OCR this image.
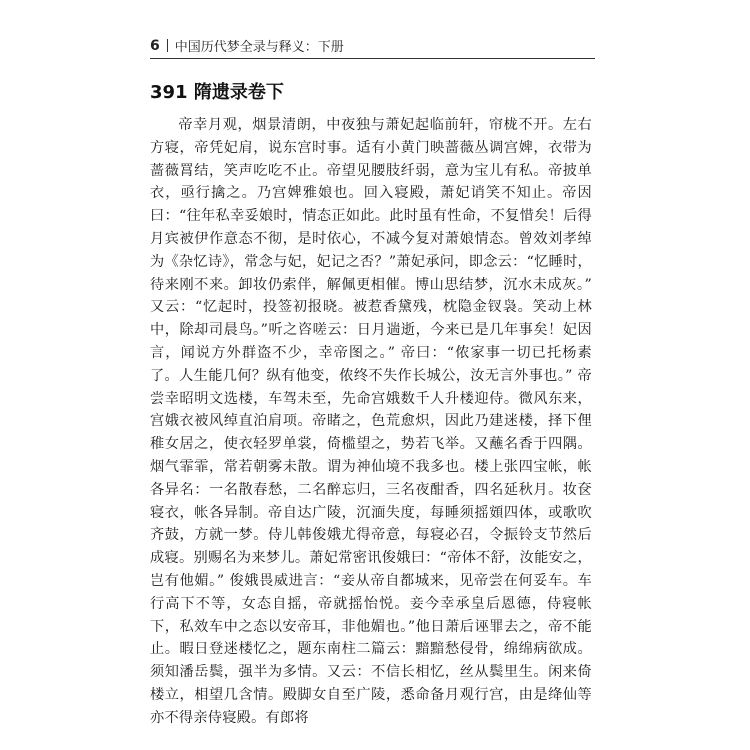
6 中国历代梦全录与释义：下册
391 隋遗录卷下

帝幸月观，烟景清朗，中夜独与萧妃起临前轩，帘栊不开。左右方寝，帝凭妃肩，说东宫时事。适有小黄门映蔷薇丛调宫婢，衣带为蔷薇罥结，笑声吃吃不止。帝望见腰肢纤弱，意为宝儿有私。帝披单衣，亟行擒之。乃宫婢雅娘也。回入寝殿，萧妃诮笑不知止。帝因曰：“往年私幸妥娘时，情态正如此。此时虽有性命，不复惜矣！后得月宾被伊作意态不彻，是时依心，不减今复对萧娘情态。曾效刘孝绰为《杂忆诗》，常念与妃，妃记之否？”萧妃承问，即念云：“忆睡时，待来刚不来。卸妆仍索伴，解佩更相催。博山思结梦，沉水未成灰。” 又云：“忆起时，投签初报晓。被惹香黛残，枕隐金钗袅。笑动上林中，除却司晨鸟。”听之咨嗟云：日月遄逝，今来已是几年事矣！妃因言，闻说方外群盗不少，幸帝图之。” 帝曰：“侬家事一切已托杨素了。人生能几何？纵有他变，侬终不失作长城公，汝无言外事也。” 帝尝幸昭明文选楼，车驾未至，先命宫娥数千人升楼迎侍。微风东来，宫娥衣被风绰直泊肩项。帝睹之，色荒愈炽，因此乃建迷楼，择下俚稚女居之，使衣轻罗单裳，倚槛望之，势若飞举。又蘸名香于四隅。烟气霏霏，常若朝雾未散。谓为神仙境不我多也。楼上张四宝帐，帐各异名：一名散春愁，二名醉忘归，三名夜酣香，四名延秋月。妆奁寝衣，帐各异制。帝自达广陵，沉湎失度，每睡须摇頞四体，或歌吹齐鼓，方就一梦。侍儿韩俊娥尤得帝意，每寝必召，令振铃支节然后成寝。别赐名为来梦儿。萧妃常密讯俊娥曰：“帝体不舒，汝能安之，岂有他媚。” 俊娥畏威进言：“妾从帝自都城来，见帝尝在何妥车。车行高下不等，女态自摇，帝就摇怡悦。妾今幸承皇后恩德，侍寝帐下，私效车中之态以安帝耳，非他媚也。”他日萧后诬罪去之，帝不能止。暇日登迷楼忆之，题东南柱二篇云：黯黯愁侵骨，绵绵病欲成。须知潘岳鬓，强半为多情。又云：不信长相忆，丝从鬓里生。闲来倚楼立，相望几含情。殿脚女自至广陵，悉命备月观行宫，由是绛仙等亦不得亲侍寝殿。有郎将
